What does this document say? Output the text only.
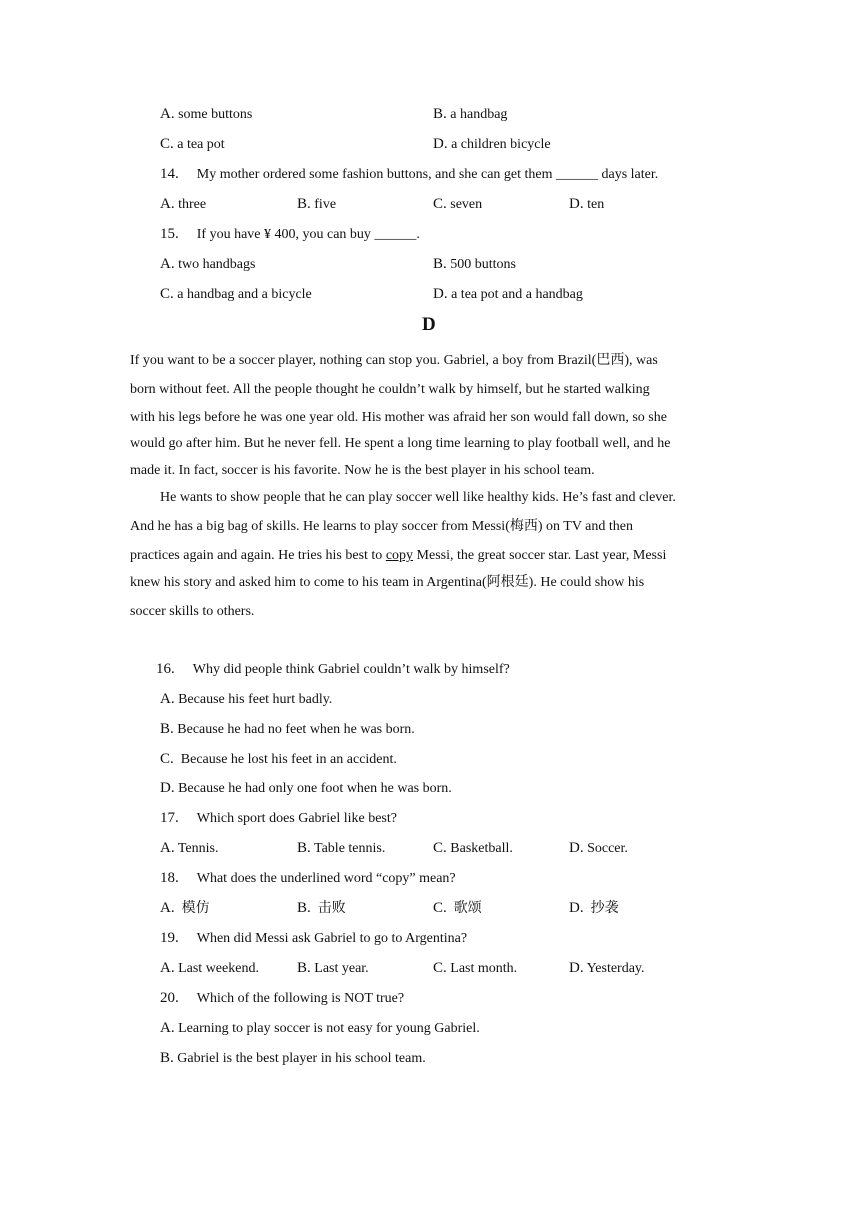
A. some buttons	B. a handbag
C. a tea pot	D. a children bicycle
14. My mother ordered some fashion buttons, and she can get them ______ days later.
A. three	B. five	C. seven	D. ten
15. If you have ¥ 400, you can buy ______.
A. two handbags	B. 500 buttons
C. a handbag and a bicycle	D. a tea pot and a handbag
D
If you want to be a soccer player, nothing can stop you. Gabriel, a boy from Brazil(巴西), was
born without feet. All the people thought he couldn’t walk by himself, but he started walking
with his legs before he was one year old. His mother was afraid her son would fall down, so she
would go after him. But he never fell. He spent a long time learning to play football well, and he
made it. In fact, soccer is his favorite. Now he is the best player in his school team.
He wants to show people that he can play soccer well like healthy kids. He’s fast and clever.
And he has a big bag of skills. He learns to play soccer from Messi(梅西) on TV and then
practices again and again. He tries his best to copy Messi, the great soccer star. Last year, Messi
knew his story and asked him to come to his team in Argentina(阿根廷). He could show his
soccer skills to others.
16. Why did people think Gabriel couldn’t walk by himself?
A. Because his feet hurt badly.
B. Because he had no feet when he was born.
C. Because he lost his feet in an accident.
D. Because he had only one foot when he was born.
17. Which sport does Gabriel like best?
A. Tennis.	B. Table tennis.	C. Basketball.	D. Soccer.
18. What does the underlined word “copy” mean?
A. 模仿	B. 击败	C. 歌颂	D. 抄袭
19. When did Messi ask Gabriel to go to Argentina?
A. Last weekend.	B. Last year.	C. Last month.	D. Yesterday.
20. Which of the following is NOT true?
A. Learning to play soccer is not easy for young Gabriel.
B. Gabriel is the best player in his school team.
